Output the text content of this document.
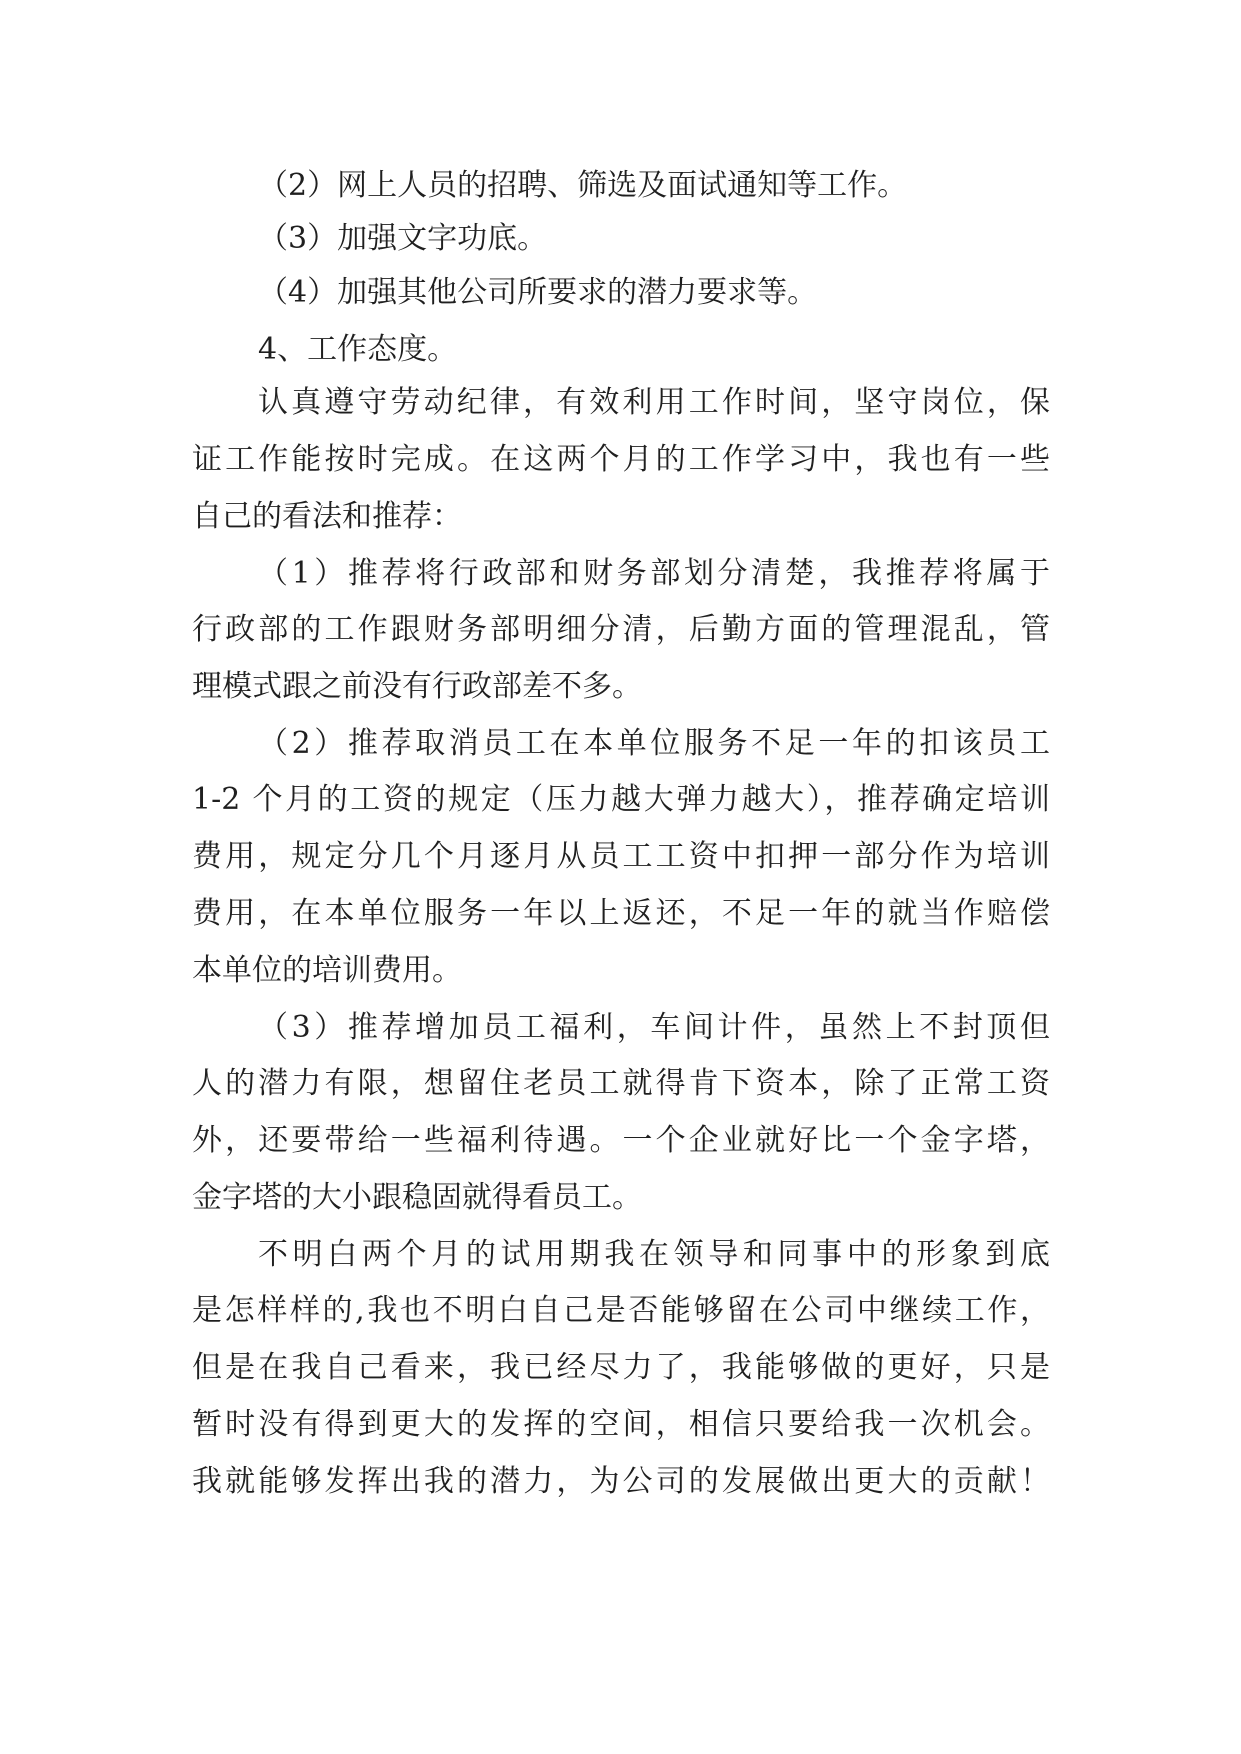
（2）网上人员的招聘、筛选及面试通知等工作。
（3）加强文字功底。
（4）加强其他公司所要求的潜力要求等。
4、工作态度。
认真遵守劳动纪律，有效利用工作时间，坚守岗位，保
证工作能按时完成。在这两个月的工作学习中，我也有一些
自己的看法和推荐：
（1）推荐将行政部和财务部划分清楚，我推荐将属于
行政部的工作跟财务部明细分清，后勤方面的管理混乱，管
理模式跟之前没有行政部差不多。
（2）推荐取消员工在本单位服务不足一年的扣该员工
1-2 个月的工资的规定（压力越大弹力越大），推荐确定培训
费用，规定分几个月逐月从员工工资中扣押一部分作为培训
费用，在本单位服务一年以上返还，不足一年的就当作赔偿
本单位的培训费用。
（3）推荐增加员工福利，车间计件，虽然上不封顶但
人的潜力有限，想留住老员工就得肯下资本，除了正常工资
外，还要带给一些福利待遇。一个企业就好比一个金字塔，
金字塔的大小跟稳固就得看员工。
不明白两个月的试用期我在领导和同事中的形象到底
是怎样样的,我也不明白自己是否能够留在公司中继续工作，
但是在我自己看来，我已经尽力了，我能够做的更好，只是
暂时没有得到更大的发挥的空间，相信只要给我一次机会。
我就能够发挥出我的潜力，为公司的发展做出更大的贡献！
